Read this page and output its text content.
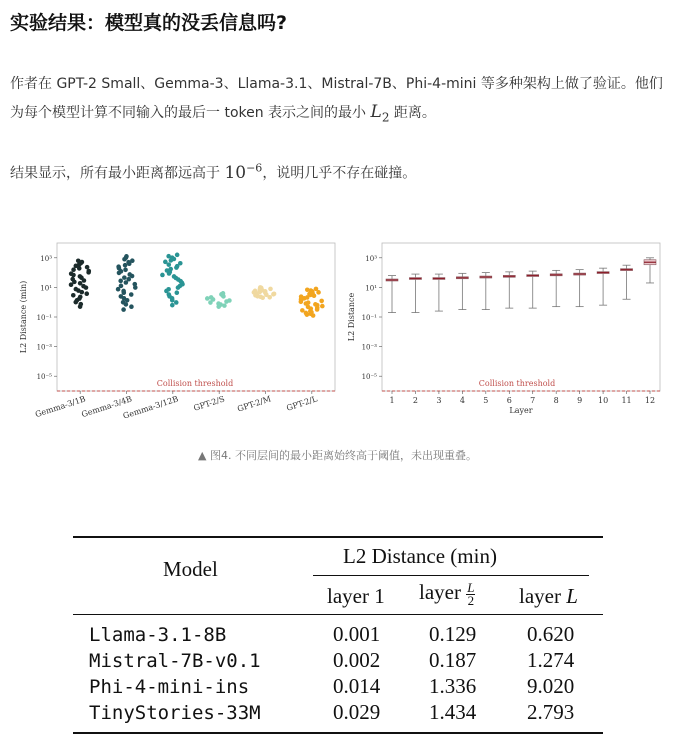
实验结果：模型真的没丢信息吗?
作者在 GPT-2 Small、Gemma-3、Llama-3.1、Mistral-7B、Phi-4-mini 等多种架构上做了验证。他们为每个模型计算不同输入的最后一 token 表示之间的最小 $L_2$ 距离。
结果显示，所有最小距离都远高于 $10^{-6}$，说明几乎不存在碰撞。
L2 Distance (min)
10³
10¹
10⁻¹
10⁻³
10⁻⁵
Collision threshold
Gemma-3/1B
Gemma-3/4B
Gemma-3/12B GPT-2/S GPT-2/M GPT-2/L
L2 Distance
10³
10¹
10⁻¹
10⁻³
10⁻⁵
Collision threshold
1 2 3 4 5 6 7 8 9 10 11 12
Layer
▲ 图4. 不同层间的最小距离始终高于阈值，未出现重叠。
Model
L2 Distance (min)
layer 1 layer $\frac{L}{2}$ layer L
Llama-3.1-8B	0.001 0.129 0.620
Mistral-7B-v0.1	0.002 0.187 1.274
Phi-4-mini-ins	0.014 1.336 9.020
TinyStories-33M	0.029 1.434 2.793
